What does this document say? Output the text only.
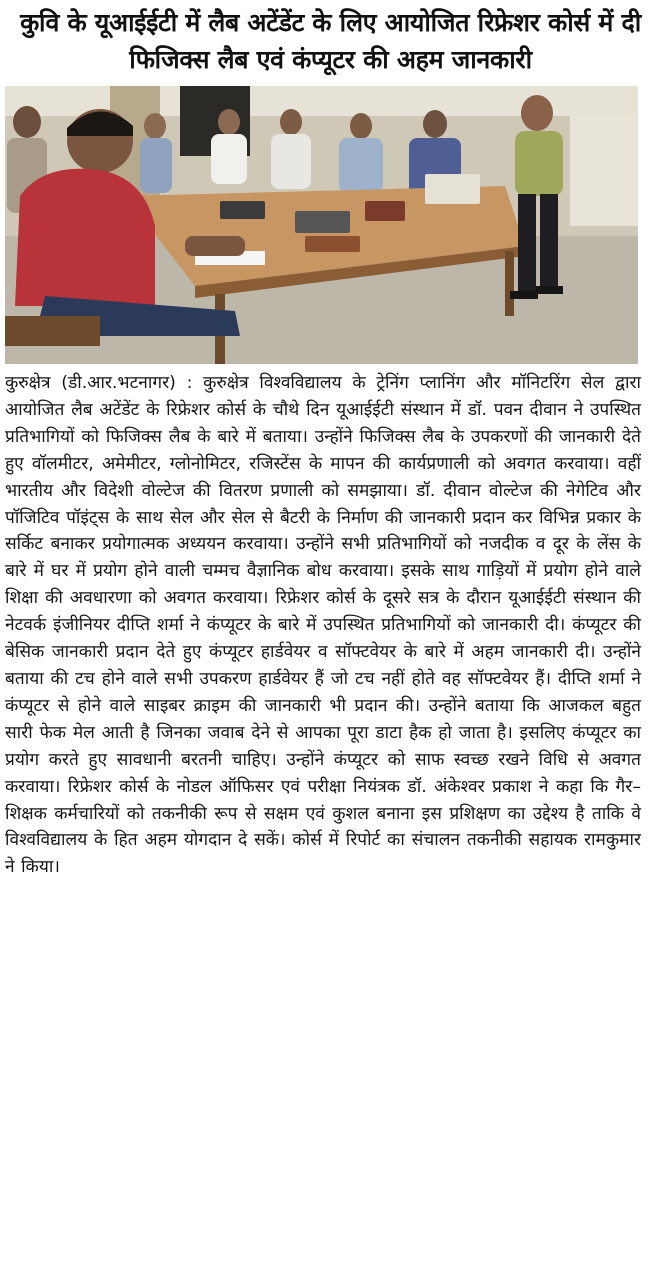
कुवि के यूआईईटी में लैब अटेंडेंट के लिए आयोजित रिफ्रेशर कोर्स में दी फिजिक्स लैब एवं कंप्यूटर की अहम जानकारी

कुरुक्षेत्र (डी.आर.भटनागर) : कुरुक्षेत्र विश्वविद्यालय के ट्रेनिंग प्लानिंग और मॉनिटरिंग सेल द्वारा आयोजित लैब अटेंडेंट के रिफ्रेशर कोर्स के चौथे दिन यूआईईटी संस्थान में डॉ. पवन दीवान ने उपस्थित प्रतिभागियों को फिजिक्स लैब के बारे में बताया। उन्होंने फिजिक्स लैब के उपकरणों की जानकारी देते हुए वॉलमीटर, अमेमीटर, ग्लोनोमिटर, रजिस्टेंस के मापन की कार्यप्रणाली को अवगत करवाया। वहीं भारतीय और विदेशी वोल्टेज की वितरण प्रणाली को समझाया। डॉ. दीवान वोल्टेज की नेगेटिव और पॉजिटिव पॉइंट्स के साथ सेल और सेल से बैटरी के निर्माण की जानकारी प्रदान कर विभिन्न प्रकार के सर्किट बनाकर प्रयोगात्मक अध्ययन करवाया। उन्होंने सभी प्रतिभागियों को नजदीक व दूर के लेंस के बारे में घर में प्रयोग होने वाली चम्मच वैज्ञानिक बोध करवाया। इसके साथ गाड़ियों में प्रयोग होने वाले शिक्षा की अवधारणा को अवगत करवाया। रिफ्रेशर कोर्स के दूसरे सत्र के दौरान यूआईईटी संस्थान की नेटवर्क इंजीनियर दीप्ति शर्मा ने कंप्यूटर के बारे में उपस्थित प्रतिभागियों को जानकारी दी। कंप्यूटर की बेसिक जानकारी प्रदान देते हुए कंप्यूटर हार्डवेयर व सॉफ्टवेयर के बारे में अहम जानकारी दी। उन्होंने बताया की टच होने वाले सभी उपकरण हार्डवेयर हैं जो टच नहीं होते वह सॉफ्टवेयर हैं। दीप्ति शर्मा ने कंप्यूटर से होने वाले साइबर क्राइम की जानकारी भी प्रदान की। उन्होंने बताया कि आजकल बहुत सारी फेक मेल आती है जिनका जवाब देने से आपका पूरा डाटा हैक हो जाता है। इसलिए कंप्यूटर का प्रयोग करते हुए सावधानी बरतनी चाहिए। उन्होंने कंप्यूटर को साफ स्वच्छ रखने विधि से अवगत करवाया। रिफ्रेशर कोर्स के नोडल ऑफिसर एवं परीक्षा नियंत्रक डॉ. अंकेश्वर प्रकाश ने कहा कि गैर–शिक्षक कर्मचारियों को तकनीकी रूप से सक्षम एवं कुशल बनाना इस प्रशिक्षण का उद्देश्य है ताकि वे विश्वविद्यालय के हित अहम योगदान दे सकें। कोर्स में रिपोर्ट का संचालन तकनीकी सहायक रामकुमार ने किया।
